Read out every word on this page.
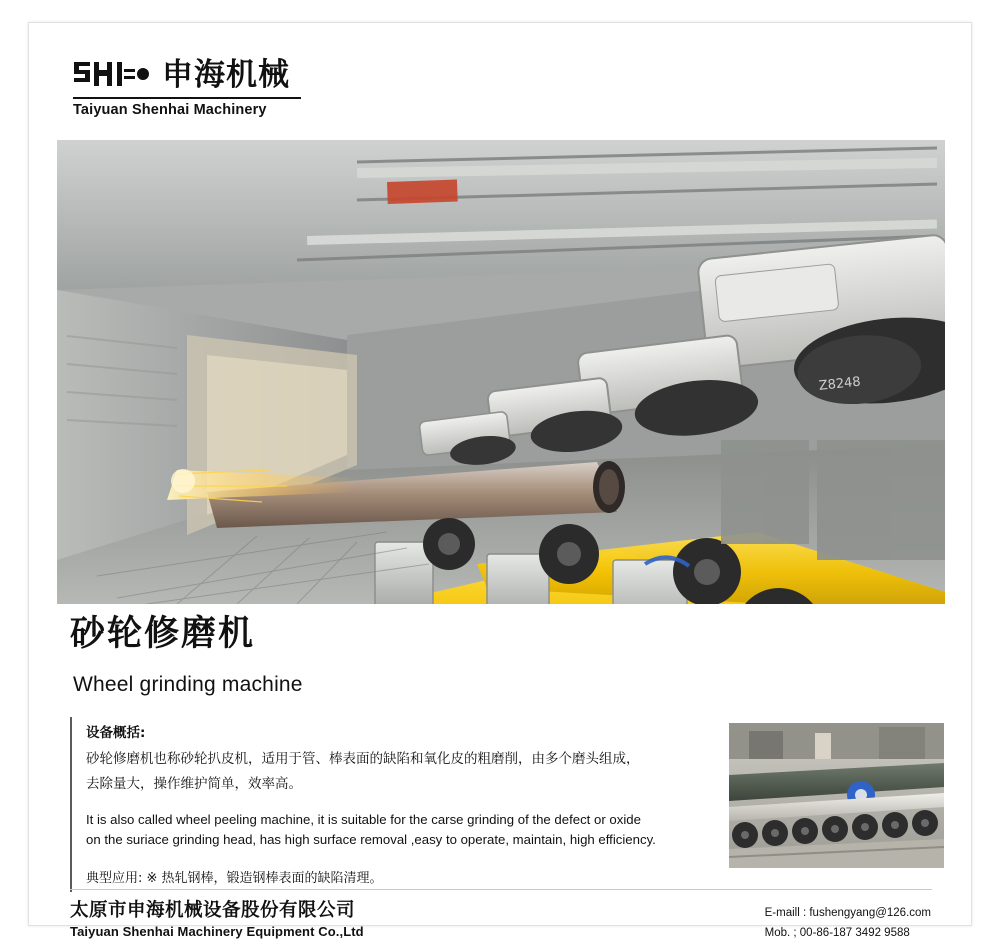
申海机械
Taiyuan Shenhai Machinery
Z8248
砂轮修磨机
Wheel grinding machine
设备概括:
砂轮修磨机也称砂轮扒皮机，适用于管、棒表面的缺陷和氧化皮的粗磨削，由多个磨头组成，
去除量大，操作维护简单，效率高。
It is also called wheel peeling machine, it is suitable for the carse grinding of the defect or oxide
on the suriace grinding head, has high surface removal ,easy to operate, maintain, high efficiency.
典型应用: ※ 热轧钢棒，锻造钢棒表面的缺陷清理。
太原市申海机械设备股份有限公司
Taiyuan Shenhai Machinery Equipment Co.,Ltd
E-maill : fushengyang@126.com
Mob. ; 00-86-187 3492 9588
